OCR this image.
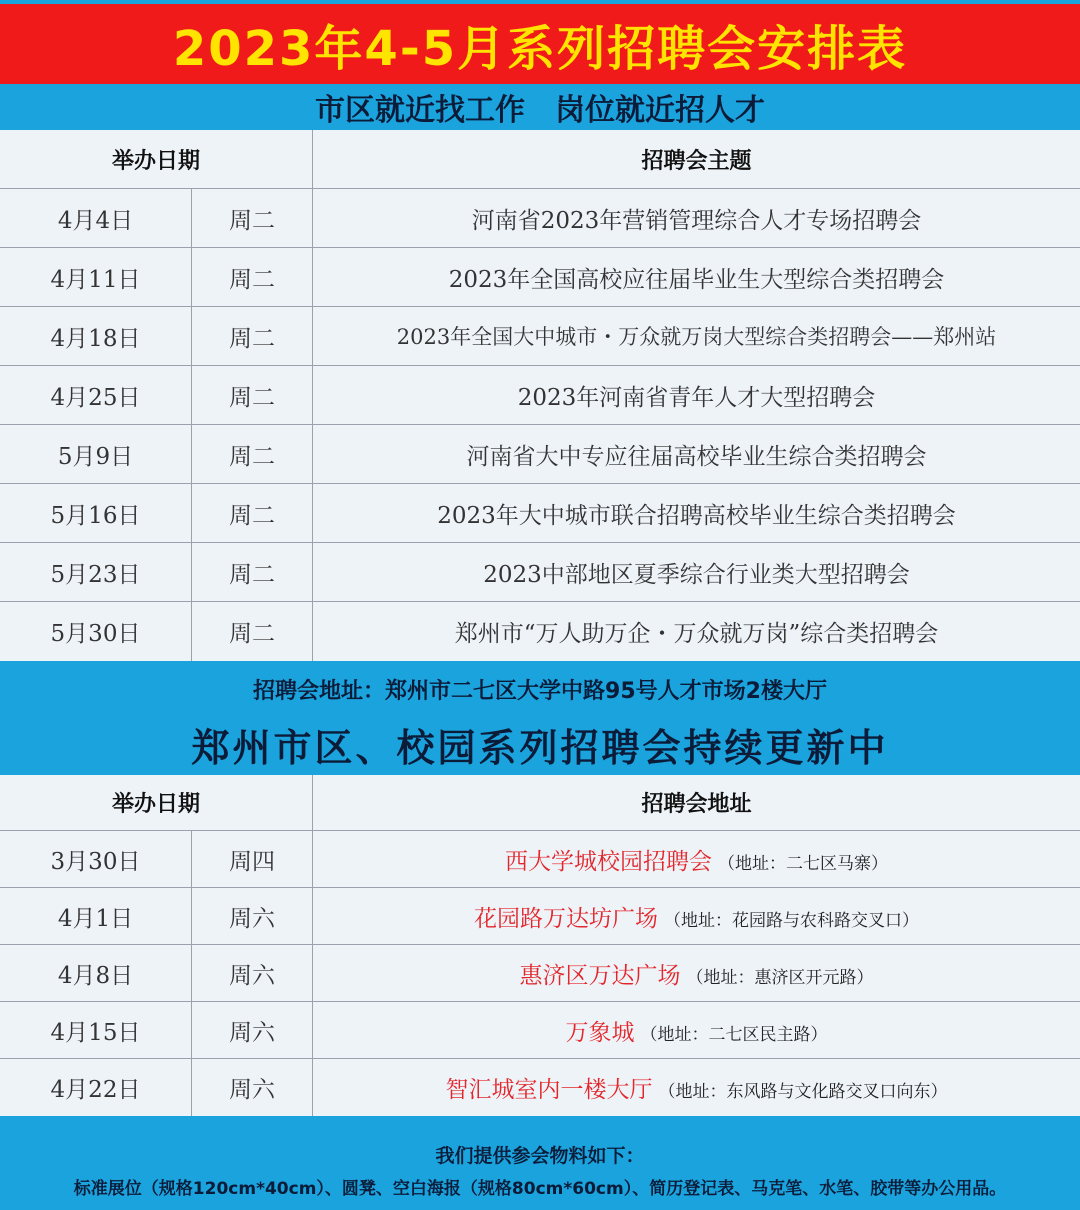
2023年4-5月系列招聘会安排表
市区就近找工作　岗位就近招人才
举办日期	招聘会主题
4月4日	周二	河南省2023年营销管理综合人才专场招聘会
4月11日	周二	2023年全国高校应往届毕业生大型综合类招聘会
4月18日	周二	2023年全国大中城市・万众就万岗大型综合类招聘会——郑州站
4月25日	周二	2023年河南省青年人才大型招聘会
5月9日	周二	河南省大中专应往届高校毕业生综合类招聘会
5月16日	周二	2023年大中城市联合招聘高校毕业生综合类招聘会
5月23日	周二	2023中部地区夏季综合行业类大型招聘会
5月30日	周二	郑州市“万人助万企・万众就万岗”综合类招聘会
招聘会地址：郑州市二七区大学中路95号人才市场2楼大厅
郑州市区、校园系列招聘会持续更新中
举办日期	招聘会地址
3月30日	周四	西大学城校园招聘会 （地址：二七区马寨）
4月1日	周六	花园路万达坊广场 （地址：花园路与农科路交叉口）
4月8日	周六	惠济区万达广场 （地址：惠济区开元路）
4月15日	周六	万象城 （地址：二七区民主路）
4月22日	周六	智汇城室内一楼大厅 （地址：东风路与文化路交叉口向东）
我们提供参会物料如下：
标准展位（规格120cm*40cm）、圆凳、空白海报（规格80cm*60cm）、简历登记表、马克笔、水笔、胶带等办公用品。
